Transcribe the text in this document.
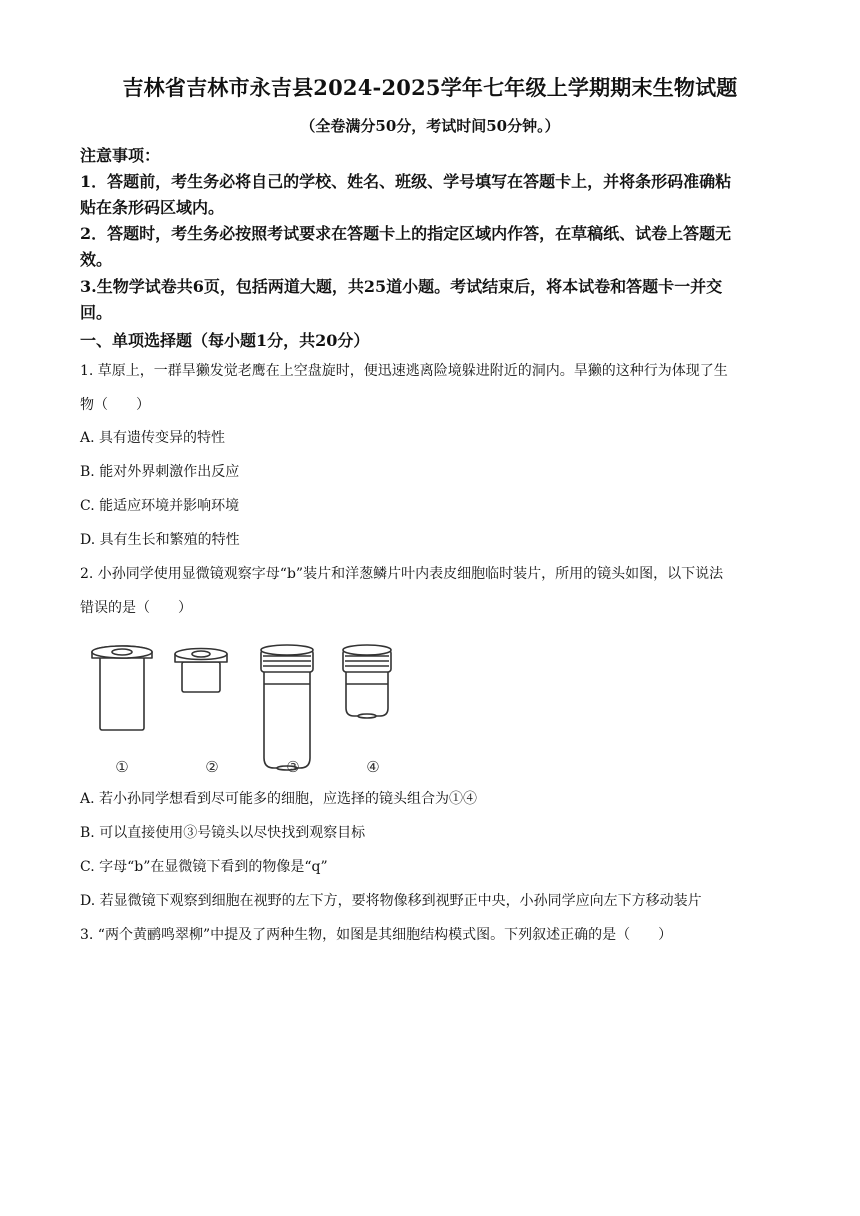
吉林省吉林市永吉县2024-2025学年七年级上学期期末生物试题
（全卷满分50分，考试时间50分钟。）
注意事项：
1．答题前，考生务必将自己的学校、姓名、班级、学号填写在答题卡上，并将条形码准确粘
贴在条形码区域内。
2．答题时，考生务必按照考试要求在答题卡上的指定区域内作答，在草稿纸、试卷上答题无
效。
3.生物学试卷共6页，包括两道大题，共25道小题。考试结束后，将本试卷和答题卡一并交
回。
一、单项选择题（每小题1分，共20分）
1. 草原上，一群旱獭发觉老鹰在上空盘旋时，便迅速逃离险境躲进附近的洞内。旱獭的这种行为体现了生
物（　　）
A. 具有遗传变异的特性
B. 能对外界刺激作出反应
C. 能适应环境并影响环境
D. 具有生长和繁殖的特性
2. 小孙同学使用显微镜观察字母“b”装片和洋葱鳞片叶内表皮细胞临时装片，所用的镜头如图，以下说法
错误的是（　　）
①	②	③	④
A. 若小孙同学想看到尽可能多的细胞，应选择的镜头组合为①④
B. 可以直接使用③号镜头以尽快找到观察目标
C. 字母“b”在显微镜下看到的物像是“q”
D. 若显微镜下观察到细胞在视野的左下方，要将物像移到视野正中央，小孙同学应向左下方移动装片
3. “两个黄鹂鸣翠柳”中提及了两种生物，如图是其细胞结构模式图。下列叙述正确的是（　　）
